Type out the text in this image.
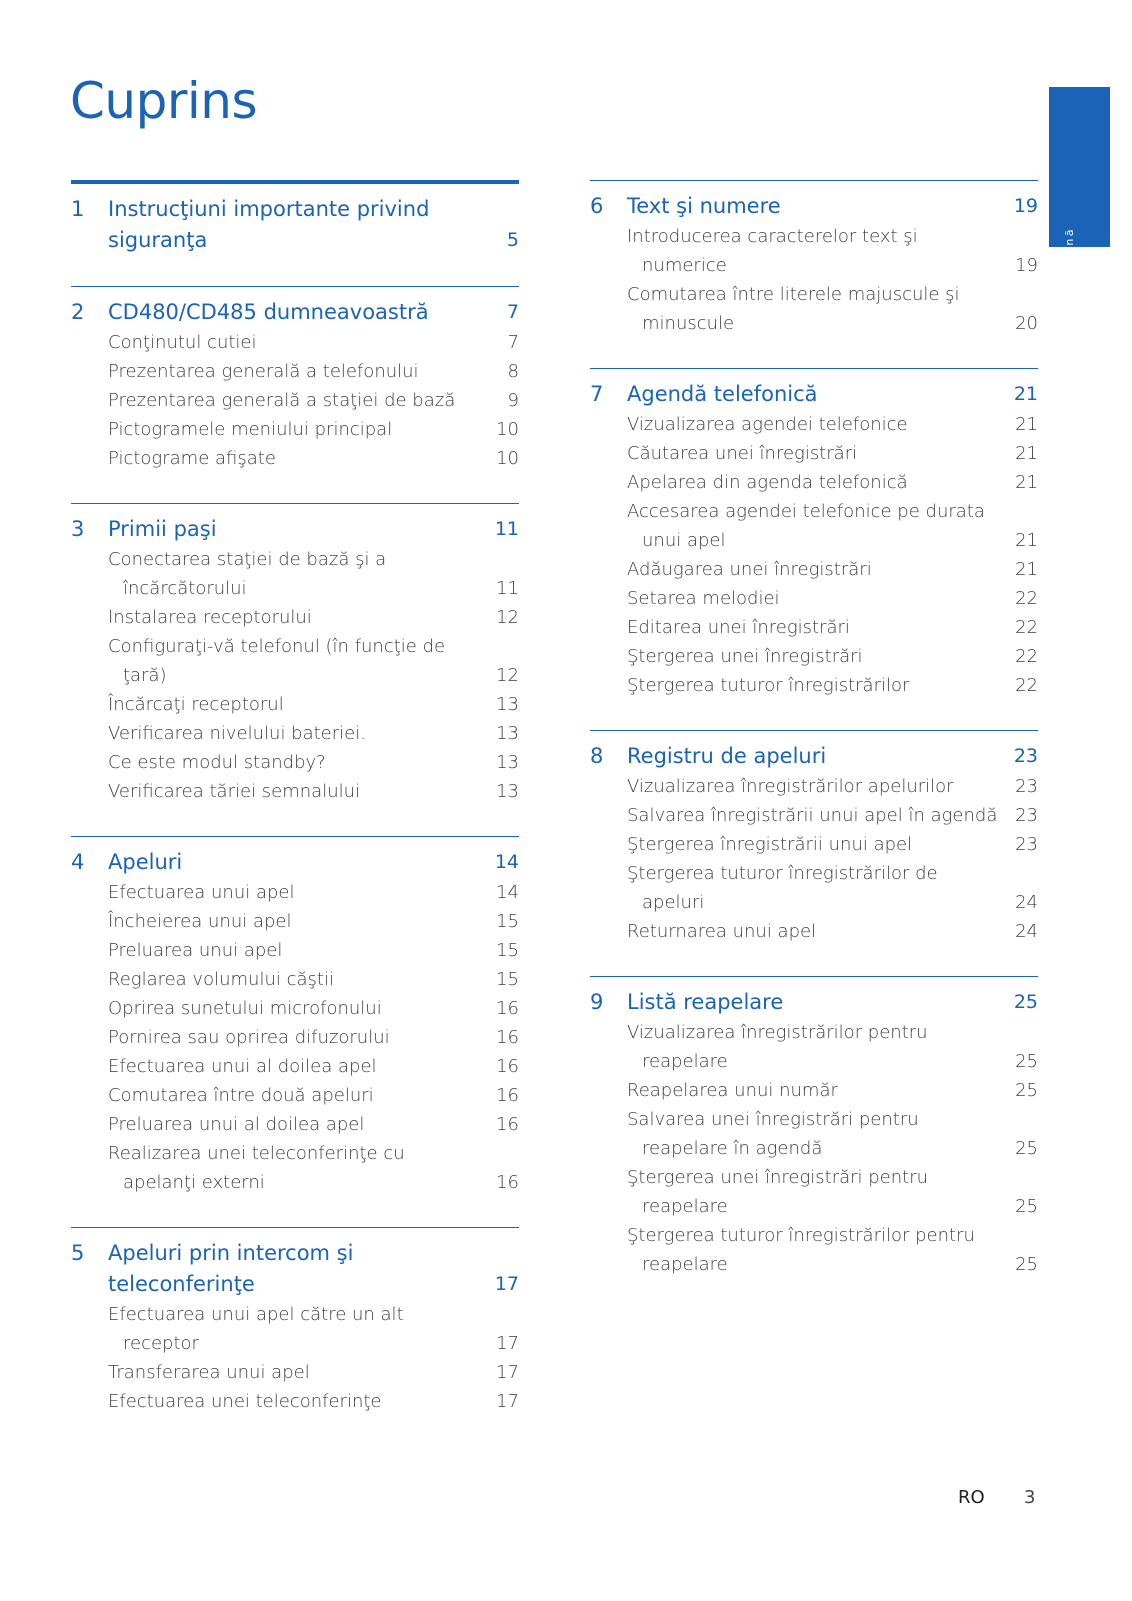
Cuprins
Română
1	Instrucţiuni importante privind siguranţa	5
2	CD480/CD485 dumneavoastră	7
Conţinutul cutiei	7
Prezentarea generală a telefonului	8
Prezentarea generală a staţiei de bază	9
Pictogramele meniului principal	10
Pictograme afişate	10
3	Primii paşi	11
Conectarea staţiei de bază şi a încărcătorului	11
Instalarea receptorului	12
Configuraţi-vă telefonul (în funcţie de ţară)	12
Încărcaţi receptorul	13
Verificarea nivelului bateriei.	13
Ce este modul standby?	13
Verificarea tăriei semnalului	13
4	Apeluri	14
Efectuarea unui apel	14
Încheierea unui apel	15
Preluarea unui apel	15
Reglarea volumului căştii	15
Oprirea sunetului microfonului	16
Pornirea sau oprirea difuzorului	16
Efectuarea unui al doilea apel	16
Comutarea între două apeluri	16
Preluarea unui al doilea apel	16
Realizarea unei teleconferinţe cu apelanţi externi	16
5	Apeluri prin intercom şi teleconferinţe	17
Efectuarea unui apel către un alt receptor	17
Transferarea unui apel	17
Efectuarea unei teleconferinţe	17
6	Text şi numere	19
Introducerea caracterelor text şi numerice	19
Comutarea între literele majuscule şi minuscule	20
7	Agendă telefonică	21
Vizualizarea agendei telefonice	21
Căutarea unei înregistrări	21
Apelarea din agenda telefonică	21
Accesarea agendei telefonice pe durata unui apel	21
Adăugarea unei înregistrări	21
Setarea melodiei	22
Editarea unei înregistrări	22
Ştergerea unei înregistrări	22
Ştergerea tuturor înregistrărilor	22
8	Registru de apeluri	23
Vizualizarea înregistrărilor apelurilor	23
Salvarea înregistrării unui apel în agendă 23
Ştergerea înregistrării unui apel	23
Ştergerea tuturor înregistrărilor de apeluri	24
Returnarea unui apel	24
9	Listă reapelare	25
Vizualizarea înregistrărilor pentru reapelare	25
Reapelarea unui număr	25
Salvarea unei înregistrări pentru reapelare în agendă	25
Ştergerea unei înregistrări pentru reapelare	25
Ştergerea tuturor înregistrărilor pentru reapelare	25
RO 3
